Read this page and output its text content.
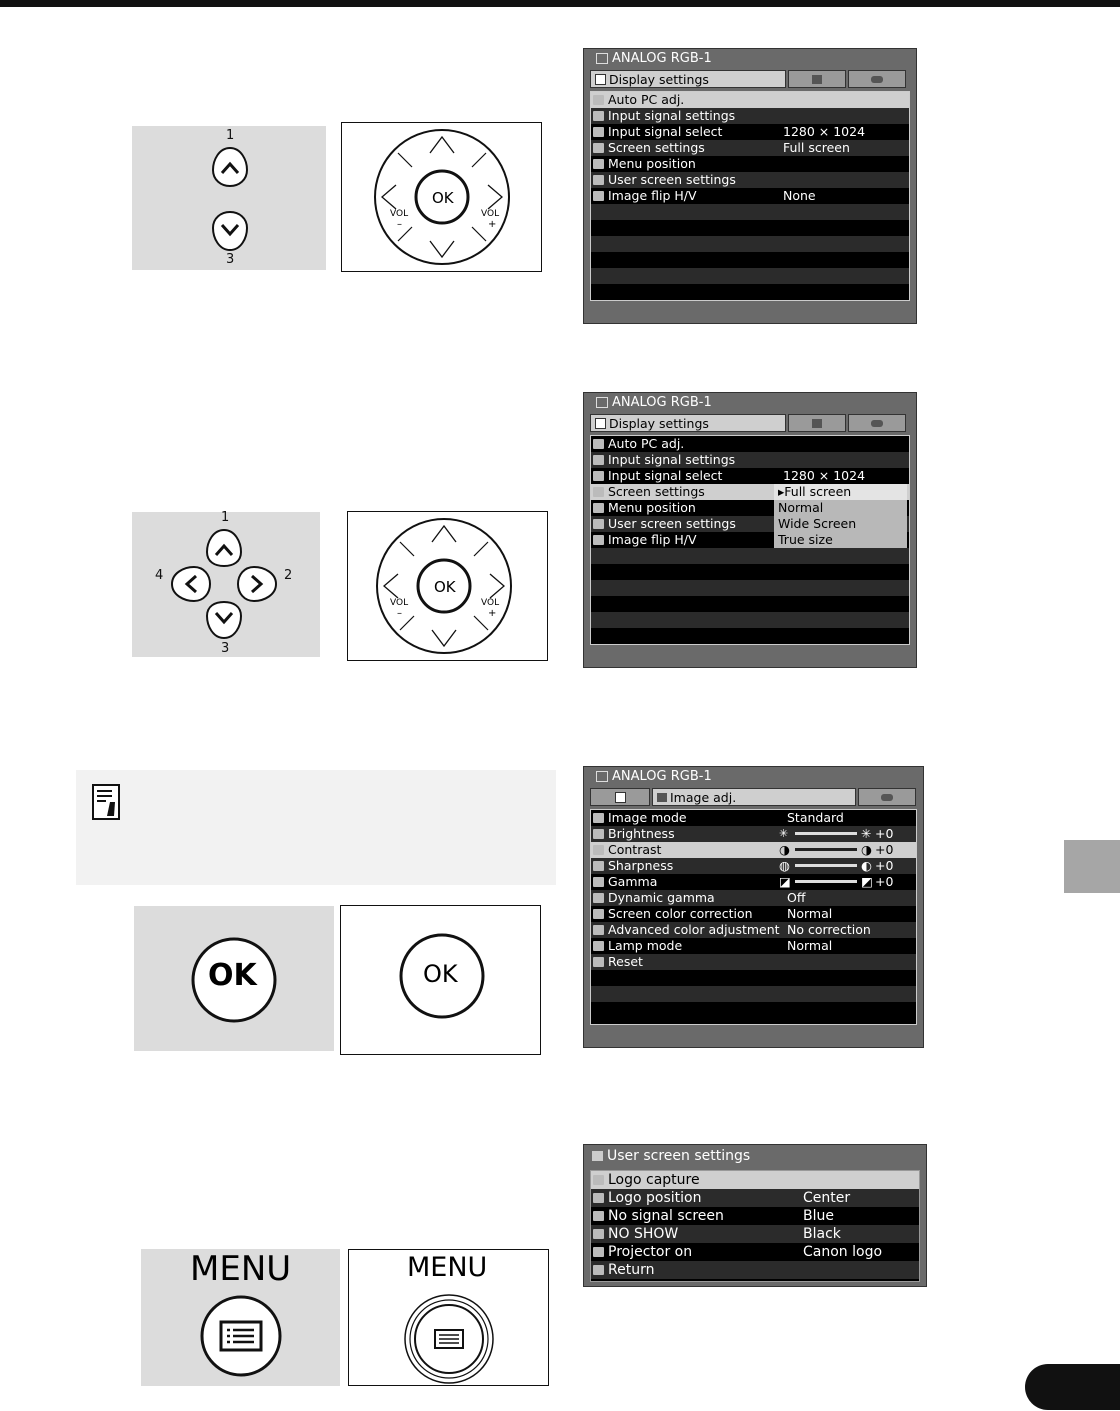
1
3
OK
VOL
–
VOL
+
ANALOG RGB-1
Display settings
Auto PC adj.
Input signal settings
Input signal select	1280 × 1024
Screen settings	Full screen
Menu position
User screen settings
Image flip H/V	None
1
2
3
4
OK
VOL
–
VOL
+
ANALOG RGB-1
Display settings
Auto PC adj.
Input signal settings
Input signal select	1280 × 1024
Screen settings
Menu position
User screen settings
Image flip H/V
▸Full screen
Normal
Wide Screen
True size
ANALOG RGB-1
Image adj.
Image mode	Standard
Brightness	✳	✳ +0
Contrast	◑	◑ +0
Sharpness	◍	◐ +0
Gamma	◪	◩ +0
Dynamic gamma	Off
Screen color correction	Normal
Advanced color adjustment No correction
Lamp mode	Normal
Reset
OK	OK
User screen settings
Logo capture
Logo position	Center
No signal screen	Blue
NO SHOW	Black
Projector on	Canon logo
Return
MENU	MENU
